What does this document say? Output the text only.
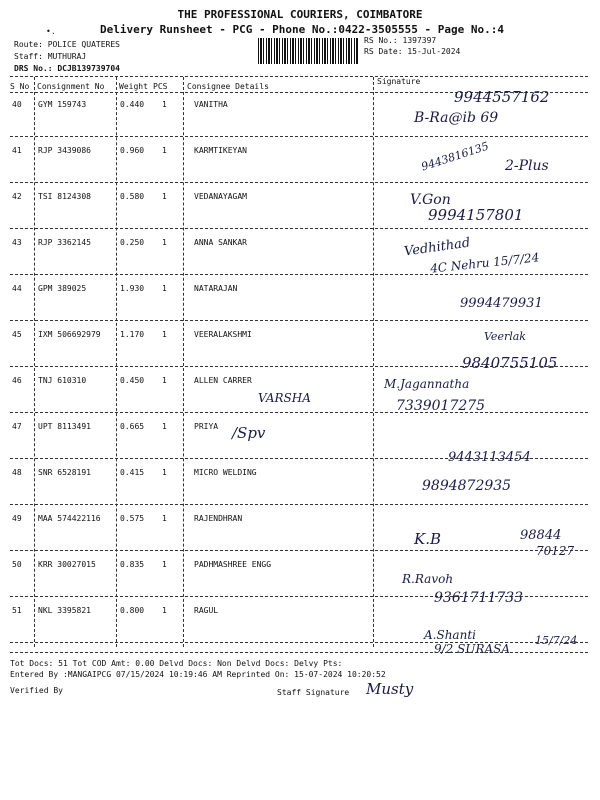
THE PROFESSIONAL COURIERS, COIMBATORE
•.	Delivery Runsheet - PCG - Phone No.:0422-3505555 - Page No.:4
Route: POLICE QUATERES
Staff: MUTHURAJ
DRS No.: DCJB139739704
RS No.: 1397397
RS Date: 15-Jul-2024
S No Consignment No Weight PCS Consignee Details
Signature
40 GYM 159743	0.440 1	VANITHA
41 RJP 3439086	0.960 1	KARMTIKEYAN
42 TSI 8124308	0.580 1	VEDANAYAGAM
43 RJP 3362145	0.250 1	ANNA SANKAR
44 GPM 389025	1.930 1	NATARAJAN
45 IXM 506692979 1.170 1	VEERALAKSHMI
46 TNJ 610310	0.450 1	ALLEN CARRER
47 UPT 8113491	0.665 1	PRIYA
48 SNR 6528191	0.415 1	MICRO WELDING
49 MAA 574422116 0.575 1	RAJENDHRAN
50 KRR 30027015	0.835 1	PADHMASHREE ENGG
51 NKL 3395821	0.800 1	RAGUL
9944557162
B-Ra@ib 69
2-Plus
9443816135
V.Gon
9994157801
Vedhithad
4C Nehru 15/7/24
9994479931
Veerlak
9840755105
VARSHA
M.Jagannatha
7339017275
/Spv
9443113454
9894872935
K.B	98844
70127
R.Ravoh
9361711733
A.Shanti
9/2 SURASA
15/7/24
Tot Docs: 51 Tot COD Amt: 0.00 Delvd Docs: Non Delvd Docs: Delvy Pts:
Entered By :MANGAIPCG 07/15/2024 10:19:46 AM Reprinted On: 15-07-2024 10:20:52
Verified By	Staff Signature Musty
